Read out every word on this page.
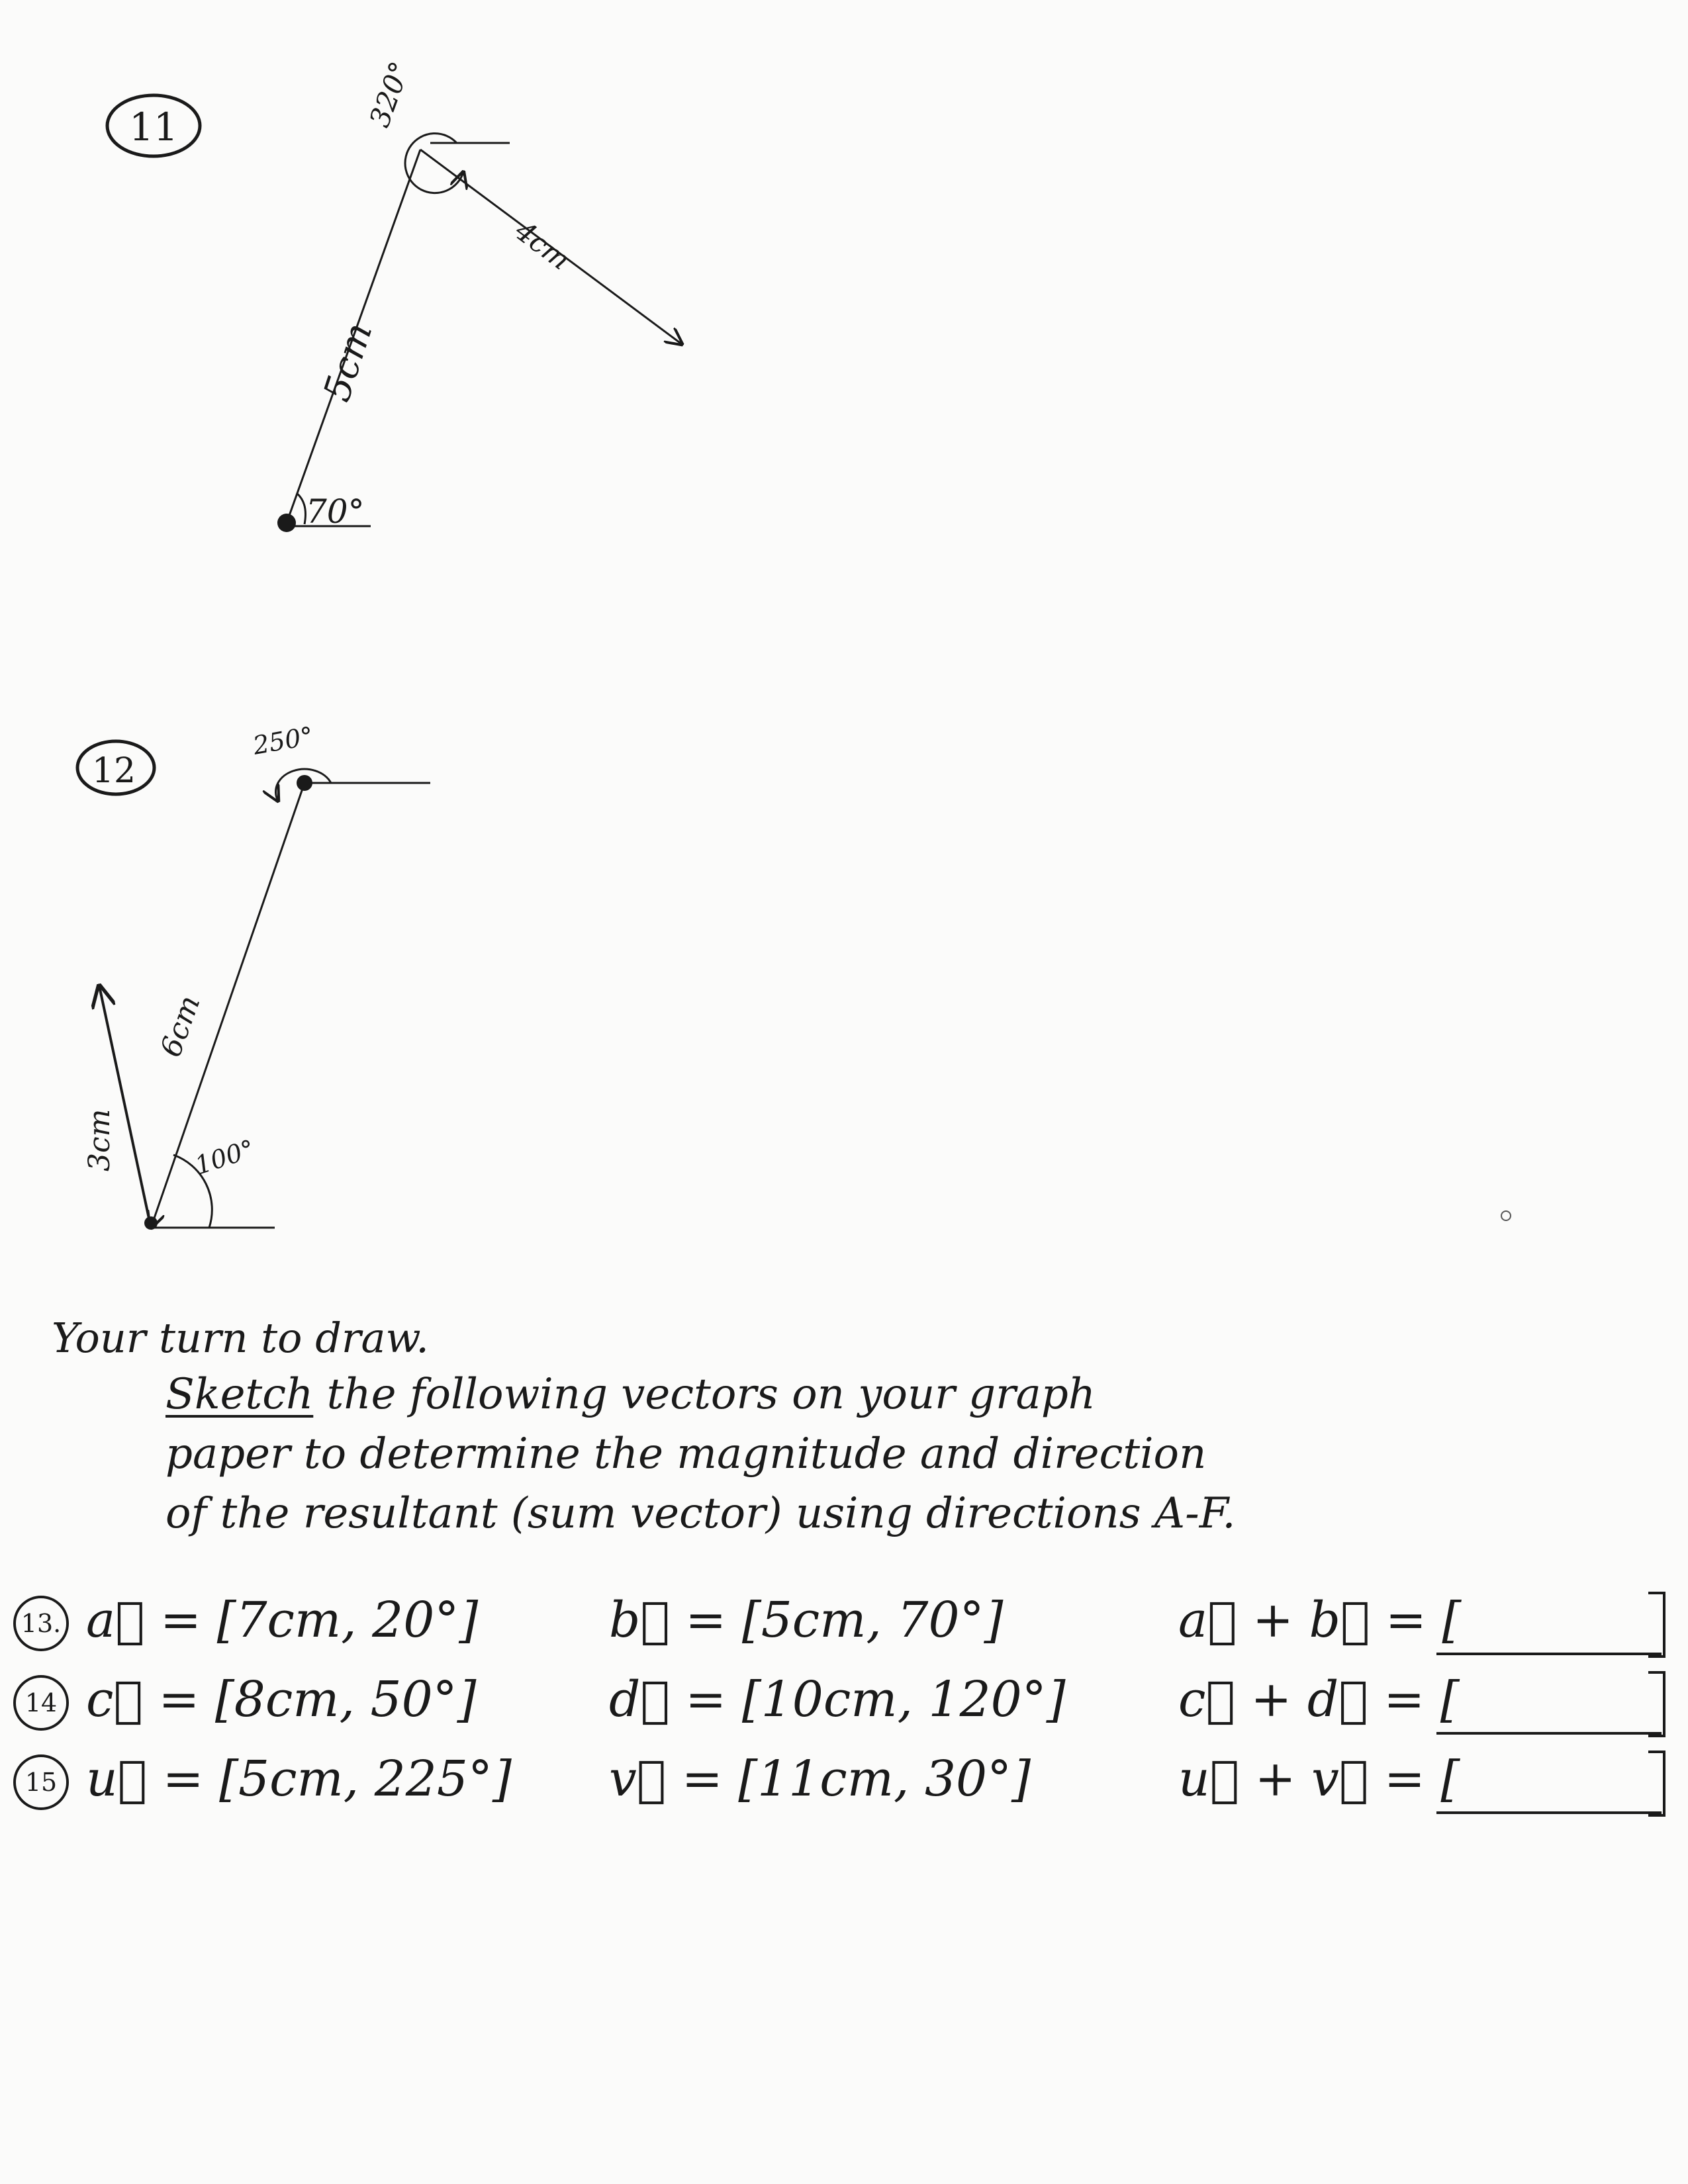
11
70°
5cm
320°
4cm
12
250°
6cm
3cm	100°
Your turn to draw.
Sketch the following vectors on your graph
paper to determine the magnitude and direction
of the resultant (sum vector) using directions A-F.
13. a⃗ = [7cm, 20°]	b⃗ = [5cm, 70°]	a⃗ + b⃗ = [
14 c⃗ = [8cm, 50°]	d⃗ = [10cm, 120°] c⃗ + d⃗ = [
15 u⃗ = [5cm, 225°] v⃗ = [11cm, 30°]	u⃗ + v⃗ = [
